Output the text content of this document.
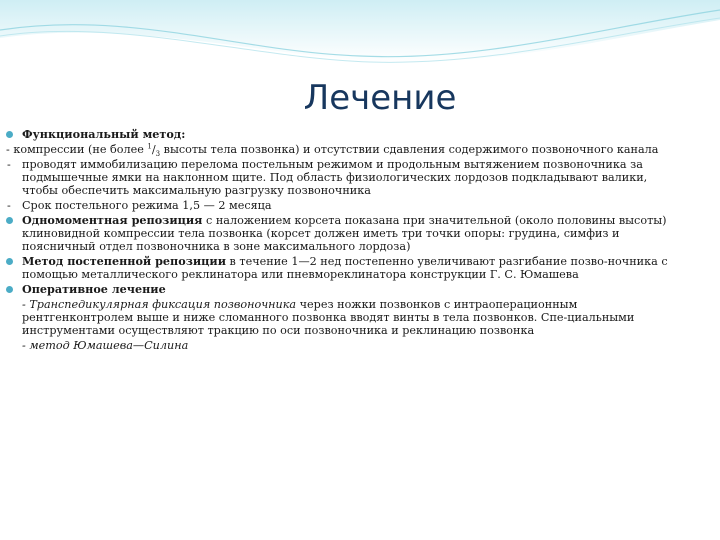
Лечение
Функциональный метод:
- компрессии (не более $^1/_3$ высоты тела позвонка) и отсутствии сдавления содержимого позвоночного канала
- проводят иммобилизацию перелома постельным режимом и продольным вытяжением позвоночника за подмышечные ямки на наклонном щите. Под область физиологических лордозов подкладывают валики, чтобы обеспечить максимальную разгрузку позвоночника
- Срок постельного режима 1,5 — 2 месяца
Одномоментная репозиция с наложением корсета показана при значительной (около половины высоты) клиновидной компрессии тела позвонка (корсет должен иметь три точки опоры: грудина, симфиз и поясничный отдел позвоночника в зоне максимального лордоза)
Метод постепенной репозиции в течение 1—2 нед постепенно увеличивают разгибание позво-ночника с помощью металлического реклинатора или пневмореклинатора конструкции Г. С. Юмашева
Оперативное лечение
- Транспедикулярная фиксация позвоночника через ножки позвонков с интраоперационным рентгенконтролем выше и ниже сломанного позвонка вводят винты в тела позвонков. Спе-циальными инструментами осуществляют тракцию по оси позвоночника и реклинацию позвонка
- метод Юмашева—Силина
